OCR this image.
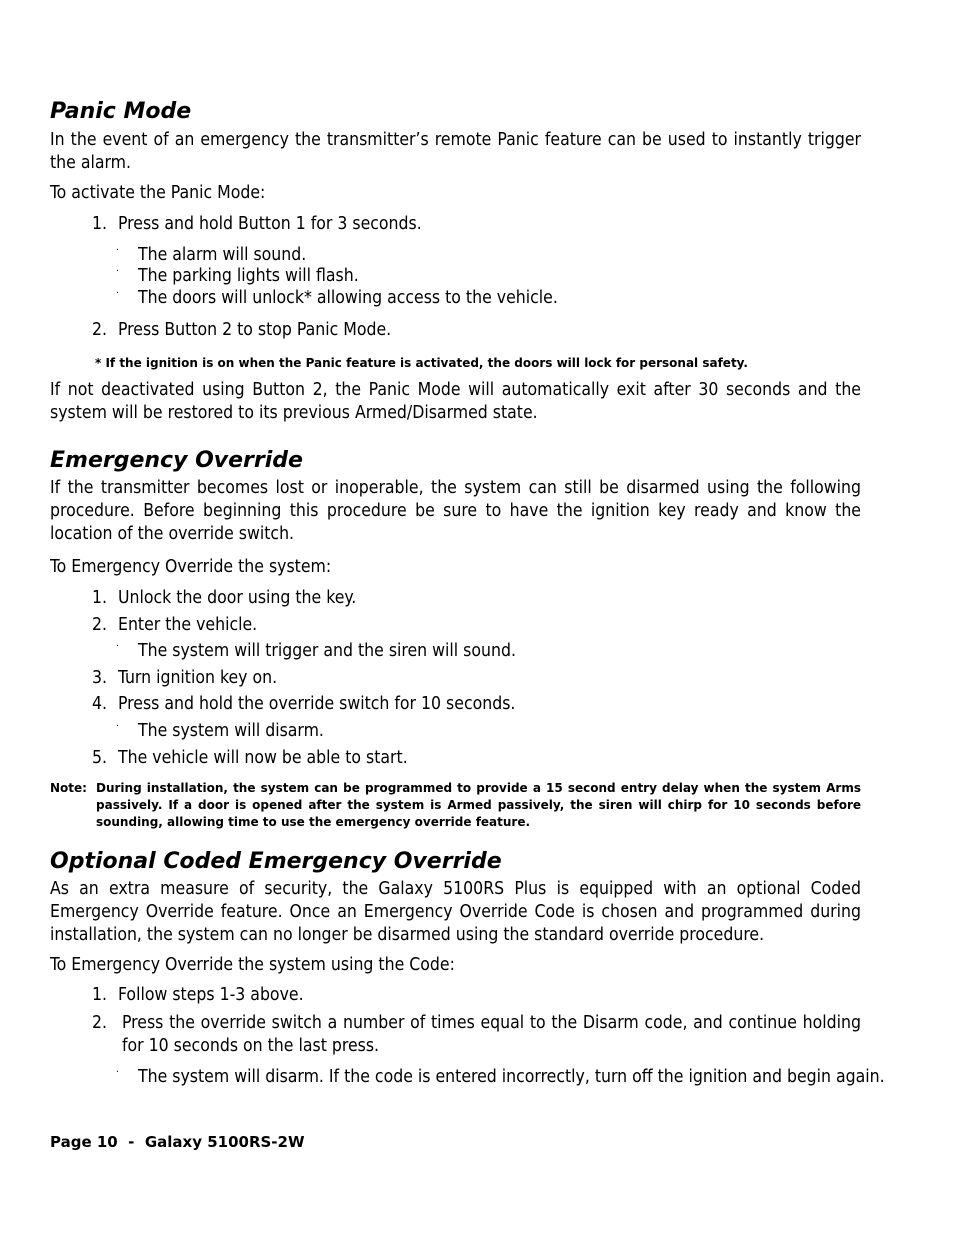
Panic Mode

In the event of an emergency the transmitter’s remote Panic feature can be used to instantly trigger the alarm.

To activate the Panic Mode:

1. Press and hold Button 1 for 3 seconds.
· The alarm will sound.
· The parking lights will flash.
· The doors will unlock* allowing access to the vehicle.
2. Press Button 2 to stop Panic Mode.
* If the ignition is on when the Panic feature is activated, the doors will lock for personal safety.

If not deactivated using Button 2, the Panic Mode will automatically exit after 30 seconds and the system will be restored to its previous Armed/Disarmed state.

Emergency Override

If the transmitter becomes lost or inoperable, the system can still be disarmed using the following procedure. Before beginning this procedure be sure to have the ignition key ready and know the location of the override switch.

To Emergency Override the system:

1. Unlock the door using the key.
2. Enter the vehicle.
· The system will trigger and the siren will sound.
3. Turn ignition key on.
4. Press and hold the override switch for 10 seconds.
· The system will disarm.
5. The vehicle will now be able to start.
Note: During installation, the system can be programmed to provide a 15 second entry delay when the system Arms passively. If a door is opened after the system is Armed passively, the siren will chirp for 10 seconds before sounding, allowing time to use the emergency override feature.
Optional Coded Emergency Override

As an extra measure of security, the Galaxy 5100RS Plus is equipped with an optional Coded Emergency Override feature. Once an Emergency Override Code is chosen and programmed during installation, the system can no longer be disarmed using the standard override procedure.

To Emergency Override the system using the Code:

1. Follow steps 1-3 above.
2. Press the override switch a number of times equal to the Disarm code, and continue holding for 10 seconds on the last press.
· The system will disarm. If the code is entered incorrectly, turn off the ignition and begin again.
Page 10  -  Galaxy 5100RS-2W
